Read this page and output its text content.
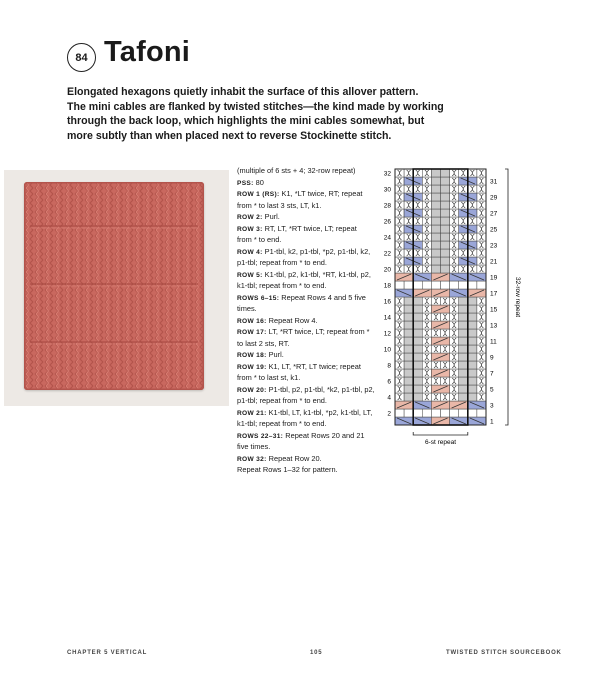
84 Tafoni
Elongated hexagons quietly inhabit the surface of this allover pattern.
The mini cables are flanked by twisted stitches—the kind made by working
through the back loop, which highlights the mini cables somewhat, but
more subtly than when placed next to reverse Stockinette stitch.
(multiple of 6 sts + 4; 32-row repeat)
PSS: 80
ROW 1 (RS): K1, *LT twice, RT; repeat
from * to last 3 sts, LT, k1.
ROW 2: Purl.
ROW 3: RT, LT, *RT twice, LT; repeat
from * to end.
ROW 4: P1-tbl, k2, p1-tbl, *p2, p1-tbl, k2,
p1-tbl; repeat from * to end.
ROW 5: K1-tbl, p2, k1-tbl, *RT, k1-tbl, p2,
k1-tbl; repeat from * to end.
ROWS 6–15: Repeat Rows 4 and 5 five
times.
ROW 16: Repeat Row 4.
ROW 17: LT, *RT twice, LT; repeat from *
to last 2 sts, RT.
ROW 18: Purl.
ROW 19: K1, LT, *RT, LT twice; repeat
from * to last st, k1.
ROW 20: P1-tbl, p2, p1-tbl, *k2, p1-tbl, p2,
p1-tbl; repeat from * to end.
ROW 21: K1-tbl, LT, k1-tbl, *p2, k1-tbl, LT,
k1-tbl; repeat from * to end.
ROWS 22–31: Repeat Rows 20 and 21
five times.
ROW 32: Repeat Row 20.
Repeat Rows 1–32 for pattern.
32
30
28
26
24
22
20
18
16
14
12
10
8
6
4
2
31
29
27
25
23
21
19
17
15
13
11
9
7
5
3
1
6-st repeat
32-row repeat
CHAPTER 5 VERTICAL	105	TWISTED STITCH SOURCEBOOK
